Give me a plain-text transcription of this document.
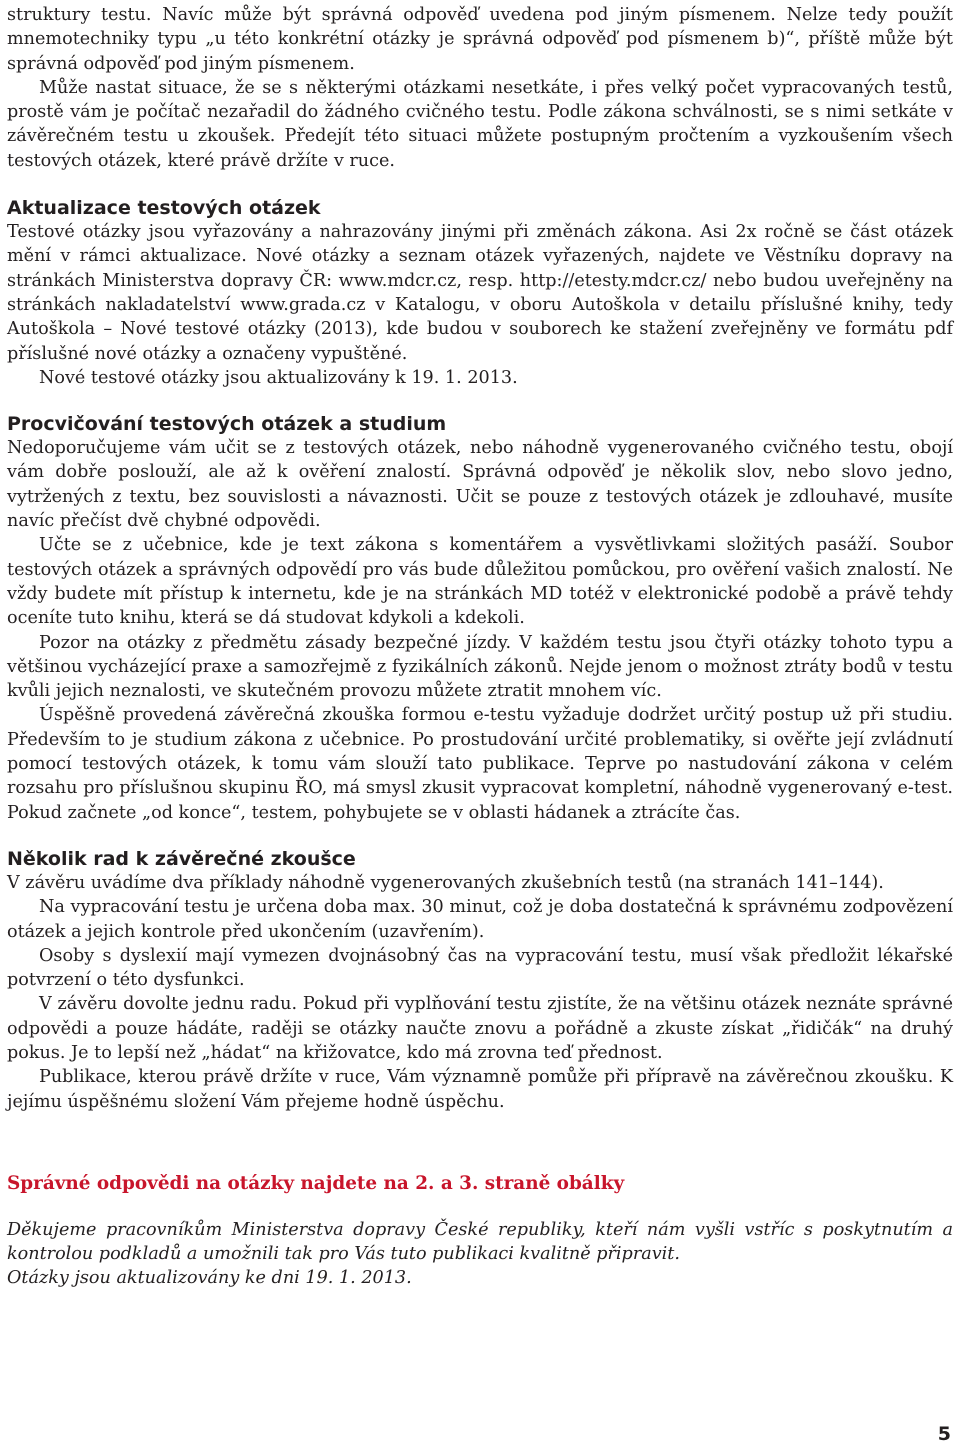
struktury testu. Navíc může být správná odpověď uvedena pod jiným písmenem. Nelze tedy použít mnemotechniky typu „u této konkrétní otázky je správná odpověď pod písmenem b)“, příště může být správná odpověď pod jiným písmenem.

Může nastat situace, že se s některými otázkami nesetkáte, i přes velký počet vypracovaných testů, prostě vám je počítač nezařadil do žádného cvičného testu. Podle zákona schválnosti, se s nimi setkáte v závěrečném testu u zkoušek. Předejít této situaci můžete postupným pročtením a vyzkoušením všech testových otázek, které právě držíte v ruce.

Aktualizace testových otázek

Testové otázky jsou vyřazovány a nahrazovány jinými při změnách zákona. Asi 2x ročně se část otázek mění v rámci aktualizace. Nové otázky a seznam otázek vyřazených, najdete ve Věstníku dopravy na stránkách Ministerstva dopravy ČR: www.mdcr.cz, resp. http://etesty.mdcr.cz/ nebo budou uveřejněny na stránkách nakladatelství www.grada.cz v Katalogu, v oboru Autoškola v detailu příslušné knihy, tedy Autoškola – Nové testové otázky (2013), kde budou v souborech ke stažení zveřejněny ve formátu pdf příslušné nové otázky a označeny vypuštěné.

Nové testové otázky jsou aktualizovány k 19. 1. 2013.

Procvičování testových otázek a studium

Nedoporučujeme vám učit se z testových otázek, nebo náhodně vygenerovaného cvičného testu, obojí vám dobře poslouží, ale až k ověření znalostí. Správná odpověď je několik slov, nebo slovo jedno, vytržených z textu, bez souvislosti a návaznosti. Učit se pouze z testových otázek je zdlouhavé, musíte navíc přečíst dvě chybné odpovědi.

Učte se z učebnice, kde je text zákona s komentářem a vysvětlivkami složitých pasáží. Soubor testových otázek a správných odpovědí pro vás bude důležitou pomůckou, pro ověření vašich znalostí. Ne vždy budete mít přístup k internetu, kde je na stránkách MD totéž v elektronické podobě a právě tehdy oceníte tuto knihu, která se dá studovat kdykoli a kdekoli.

Pozor na otázky z předmětu zásady bezpečné jízdy. V každém testu jsou čtyři otázky tohoto typu a většinou vycházející praxe a samozřejmě z fyzikálních zákonů. Nejde jenom o možnost ztráty bodů v testu kvůli jejich neznalosti, ve skutečném provozu můžete ztratit mnohem víc.

Úspěšně provedená závěrečná zkouška formou e-testu vyžaduje dodržet určitý postup už při studiu. Především to je studium zákona z učebnice. Po prostudování určité problematiky, si ověřte její zvládnutí pomocí testových otázek, k tomu vám slouží tato publikace. Teprve po nastudování zákona v celém rozsahu pro příslušnou skupinu ŘO, má smysl zkusit vypracovat kompletní, náhodně vygenerovaný e-test. Pokud začnete „od konce“, testem, pohybujete se v oblasti hádanek a ztrácíte čas.

Několik rad k závěrečné zkoušce

V závěru uvádíme dva příklady náhodně vygenerovaných zkušebních testů (na stranách 141–144).

Na vypracování testu je určena doba max. 30 minut, což je doba dostatečná k správnému zodpovězení otázek a jejich kontrole před ukončením (uzavřením).

Osoby s dyslexií mají vymezen dvojnásobný čas na vypracování testu, musí však předložit lékařské potvrzení o této dysfunkci.

V závěru dovolte jednu radu. Pokud při vyplňování testu zjistíte, že na většinu otázek neznáte správné odpovědi a pouze hádáte, raději se otázky naučte znovu a pořádně a zkuste získat „řidičák“ na druhý pokus. Je to lepší než „hádat“ na křižovatce, kdo má zrovna teď přednost.

Publikace, kterou právě držíte v ruce, Vám významně pomůže při přípravě na závěrečnou zkoušku. K jejímu úspěšnému složení Vám přejeme hodně úspěchu.

Správné odpovědi na otázky najdete na 2. a 3. straně obálky

Děkujeme pracovníkům Ministerstva dopravy České republiky, kteří nám vyšli vstříc s poskytnutím a kontrolou podkladů a umožnili tak pro Vás tuto publikaci kvalitně připravit.

Otázky jsou aktualizovány ke dni 19. 1. 2013.

5
